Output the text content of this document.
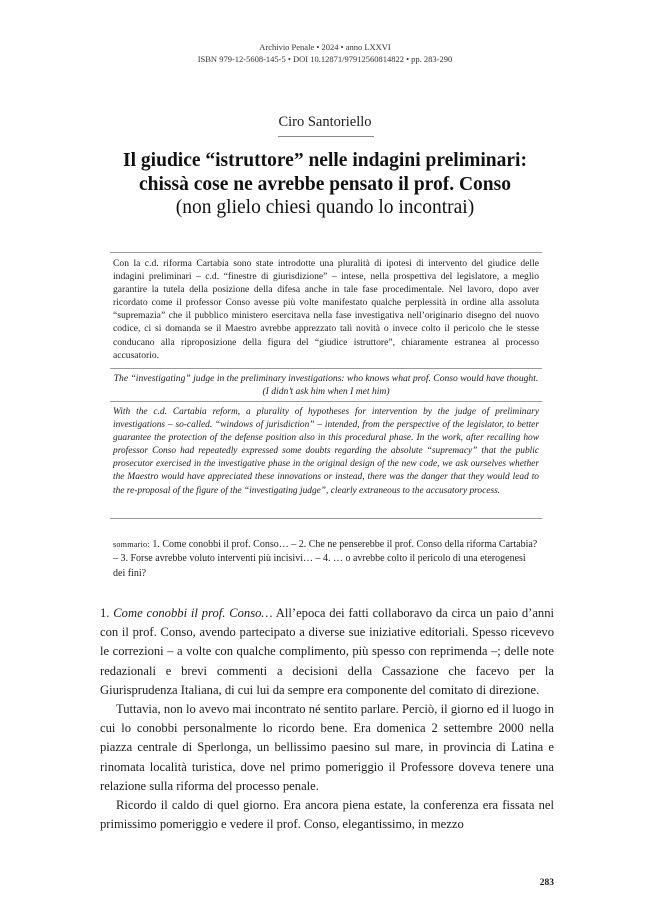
Archivio Penale • 2024 • anno LXXVI
ISBN 979-12-5608-145-5 • DOI 10.12871/97912560814822 • pp. 283-290
Ciro Santoriello
Il giudice “istruttore” nelle indagini preliminari:
chissà cose ne avrebbe pensato il prof. Conso
(non glielo chiesi quando lo incontrai)
Con la c.d. riforma Cartabia sono state introdotte una pluralità di ipotesi di intervento del giudice delle indagini preliminari – c.d. “finestre di giurisdizione” – intese, nella prospettiva del legislatore, a meglio garantire la tutela della posizione della difesa anche in tale fase procedimentale. Nel lavoro, dopo aver ricordato come il professor Conso avesse più volte manifestato qualche perplessità in ordine alla assoluta “supremazia” che il pubblico ministero esercitava nella fase investigativa nell’originario disegno del nuovo codice, ci si domanda se il Maestro avrebbe apprezzato tali novità o invece colto il pericolo che le stesse conducano alla riproposizione della figura del “giudice istruttore”, chiaramente estranea al processo accusatorio.
The “investigating” judge in the preliminary investigations: who knows what prof. Conso would have thought. (I didn’t ask him when I met him)
With the c.d. Cartabia reform, a plurality of hypotheses for intervention by the judge of preliminary investigations – so-called. “windows of jurisdiction” – intended, from the perspective of the legislator, to better guarantee the protection of the defense position also in this procedural phase. In the work, after recalling how professor Conso had repeatedly expressed some doubts regarding the absolute “supremacy” that the public prosecutor exercised in the investigative phase in the original design of the new code, we ask ourselves whether the Maestro would have appreciated these innovations or instead, there was the danger that they would lead to the re-proposal of the figure of the “investigating judge”, clearly extraneous to the accusatory process.
sommario: 1. Come conobbi il prof. Conso… – 2. Che ne penserebbe il prof. Conso della riforma Cartabia? – 3. Forse avrebbe voluto interventi più incisivi… – 4. … o avrebbe colto il pericolo di una eterogenesi dei fini?

1. Come conobbi il prof. Conso… All’epoca dei fatti collaboravo da circa un paio d’anni con il prof. Conso, avendo partecipato a diverse sue iniziative editoriali. Spesso ricevevo le correzioni – a volte con qualche complimento, più spesso con reprimenda –; delle note redazionali e brevi commenti a decisioni della Cassazione che facevo per la Giurisprudenza Italiana, di cui lui da sempre era componente del comitato di direzione.

Tuttavia, non lo avevo mai incontrato né sentito parlare. Perciò, il giorno ed il luogo in cui lo conobbi personalmente lo ricordo bene. Era domenica 2 settembre 2000 nella piazza centrale di Sperlonga, un bellissimo paesino sul mare, in provincia di Latina e rinomata località turistica, dove nel primo pomeriggio il Professore doveva tenere una relazione sulla riforma del processo penale.

Ricordo il caldo di quel giorno. Era ancora piena estate, la conferenza era fissata nel primissimo pomeriggio e vedere il prof. Conso, elegantissimo, in mezzo

283
